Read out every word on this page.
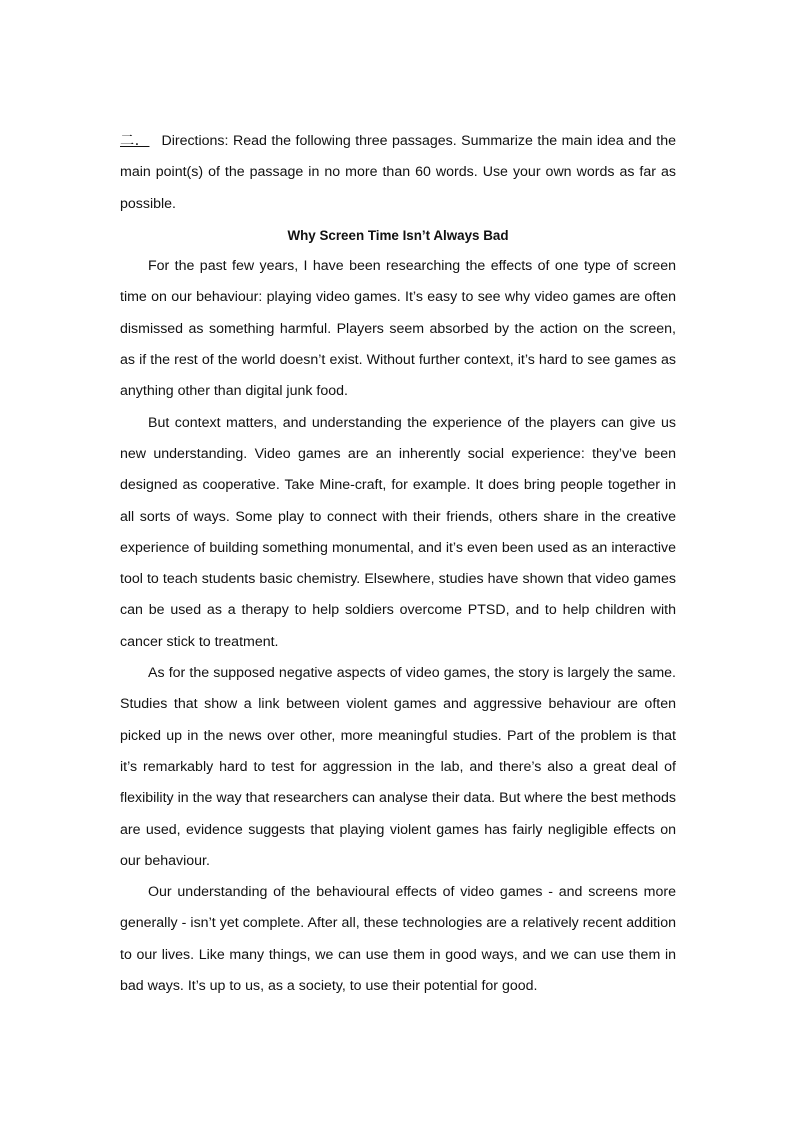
二． Directions: Read the following three passages. Summarize the main idea and the main point(s) of the passage in no more than 60 words. Use your own words as far as possible.

Why Screen Time Isn’t Always Bad

For the past few years, I have been researching the effects of one type of screen time on our behaviour: playing video games. It’s easy to see why video games are often dismissed as something harmful. Players seem absorbed by the action on the screen, as if the rest of the world doesn’t exist. Without further context, it’s hard to see games as anything other than digital junk food.

But context matters, and understanding the experience of the players can give us new understanding. Video games are an inherently social experience: they’ve been designed as cooperative. Take Mine-craft, for example. It does bring people together in all sorts of ways. Some play to connect with their friends, others share in the creative experience of building something monumental, and it’s even been used as an interactive tool to teach students basic chemistry. Elsewhere, studies have shown that video games can be used as a therapy to help soldiers overcome PTSD, and to help children with cancer stick to treatment.

As for the supposed negative aspects of video games, the story is largely the same. Studies that show a link between violent games and aggressive behaviour are often picked up in the news over other, more meaningful studies. Part of the problem is that it’s remarkably hard to test for aggression in the lab, and there’s also a great deal of flexibility in the way that researchers can analyse their data. But where the best methods are used, evidence suggests that playing violent games has fairly negligible effects on our behaviour.

Our understanding of the behavioural effects of video games - and screens more generally - isn’t yet complete. After all, these technologies are a relatively recent addition to our lives. Like many things, we can use them in good ways, and we can use them in bad ways. It’s up to us, as a society, to use their potential for good.
